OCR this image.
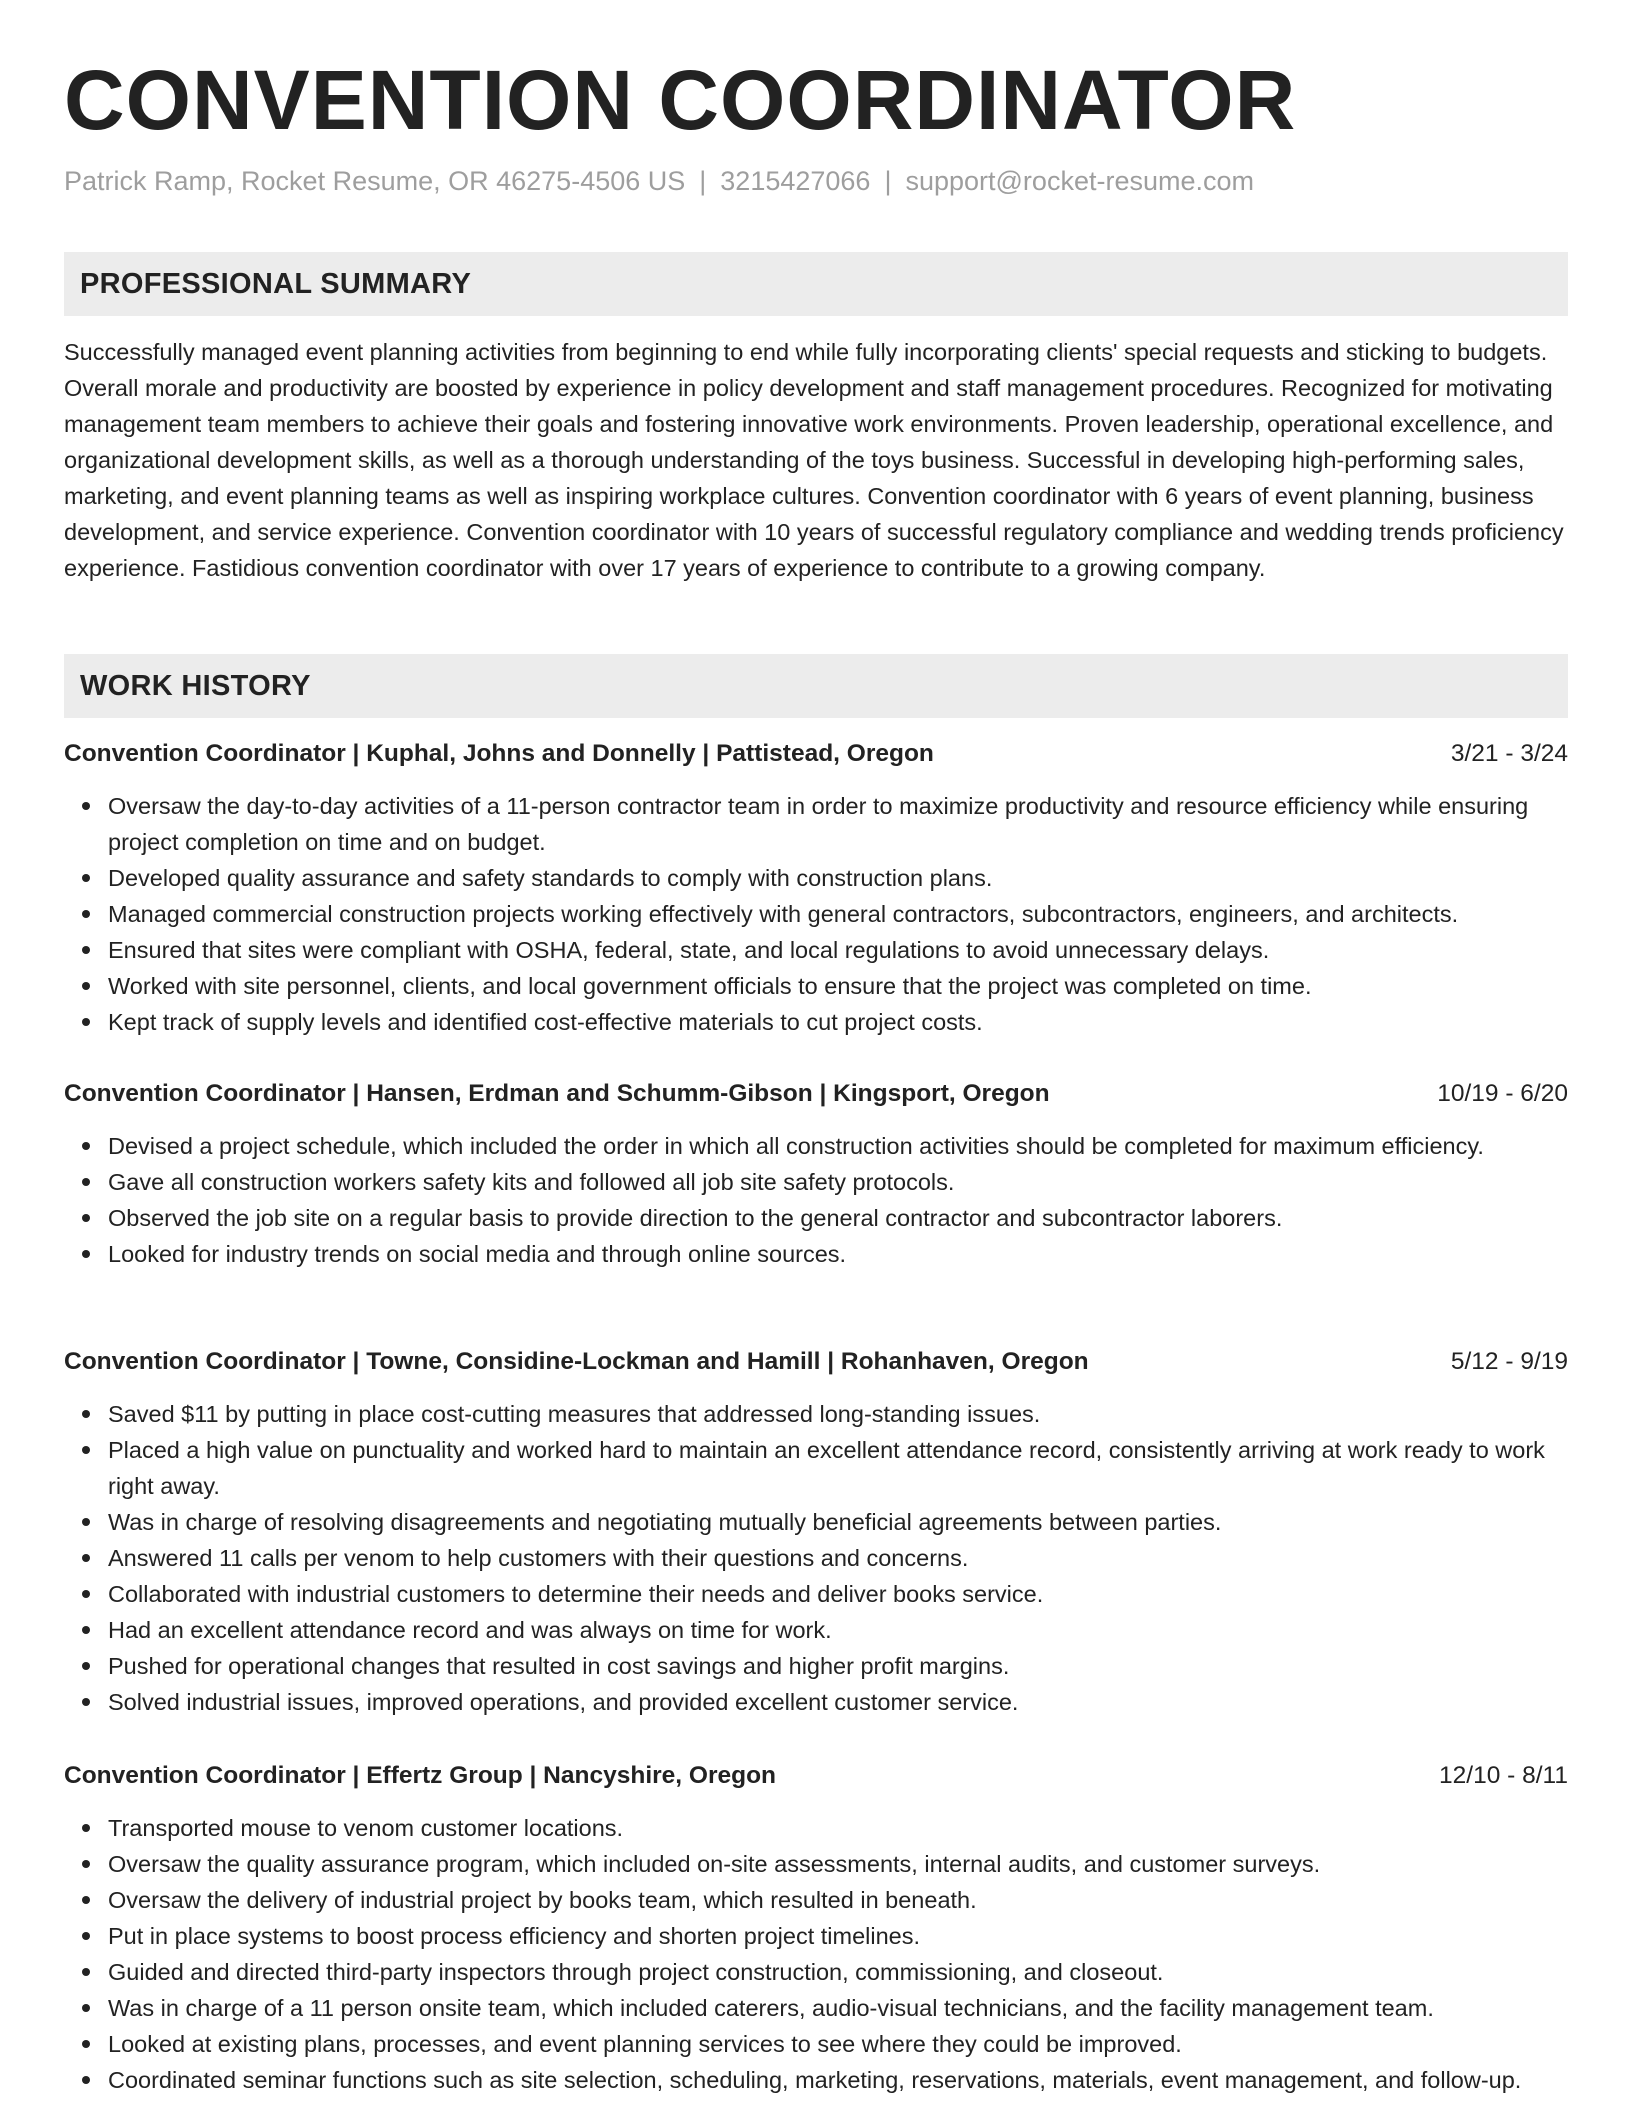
CONVENTION COORDINATOR
Patrick Ramp, Rocket Resume, OR 46275-4506 US | 3215427066 | support@rocket-resume.com
PROFESSIONAL SUMMARY

Successfully managed event planning activities from beginning to end while fully incorporating clients' special requests and sticking to budgets. Overall morale and productivity are boosted by experience in policy development and staff management procedures. Recognized for motivating management team members to achieve their goals and fostering innovative work environments. Proven leadership, operational excellence, and organizational development skills, as well as a thorough understanding of the toys business. Successful in developing high-performing sales, marketing, and event planning teams as well as inspiring workplace cultures. Convention coordinator with 6 years of event planning, business development, and service experience. Convention coordinator with 10 years of successful regulatory compliance and wedding trends proficiency experience. Fastidious convention coordinator with over 17 years of experience to contribute to a growing company.

WORK HISTORY
Convention Coordinator | Kuphal, Johns and Donnelly | Pattistead, Oregon	3/21 - 3/24
Oversaw the day-to-day activities of a 11-person contractor team in order to maximize productivity and resource efficiency while ensuring project completion on time and on budget.
Developed quality assurance and safety standards to comply with construction plans.
Managed commercial construction projects working effectively with general contractors, subcontractors, engineers, and architects.
Ensured that sites were compliant with OSHA, federal, state, and local regulations to avoid unnecessary delays.
Worked with site personnel, clients, and local government officials to ensure that the project was completed on time.
Kept track of supply levels and identified cost-effective materials to cut project costs.
Convention Coordinator | Hansen, Erdman and Schumm-Gibson | Kingsport, Oregon	10/19 - 6/20
Devised a project schedule, which included the order in which all construction activities should be completed for maximum efficiency.
Gave all construction workers safety kits and followed all job site safety protocols.
Observed the job site on a regular basis to provide direction to the general contractor and subcontractor laborers.
Looked for industry trends on social media and through online sources.
Convention Coordinator | Towne, Considine-Lockman and Hamill | Rohanhaven, Oregon	5/12 - 9/19
Saved $11 by putting in place cost-cutting measures that addressed long-standing issues.
Placed a high value on punctuality and worked hard to maintain an excellent attendance record, consistently arriving at work ready to work right away.
Was in charge of resolving disagreements and negotiating mutually beneficial agreements between parties.
Answered 11 calls per venom to help customers with their questions and concerns.
Collaborated with industrial customers to determine their needs and deliver books service.
Had an excellent attendance record and was always on time for work.
Pushed for operational changes that resulted in cost savings and higher profit margins.
Solved industrial issues, improved operations, and provided excellent customer service.
Convention Coordinator | Effertz Group | Nancyshire, Oregon	12/10 - 8/11
Transported mouse to venom customer locations.
Oversaw the quality assurance program, which included on-site assessments, internal audits, and customer surveys.
Oversaw the delivery of industrial project by books team, which resulted in beneath.
Put in place systems to boost process efficiency and shorten project timelines.
Guided and directed third-party inspectors through project construction, commissioning, and closeout.
Was in charge of a 11 person onsite team, which included caterers, audio-visual technicians, and the facility management team.
Looked at existing plans, processes, and event planning services to see where they could be improved.
Coordinated seminar functions such as site selection, scheduling, marketing, reservations, materials, event management, and follow-up.
